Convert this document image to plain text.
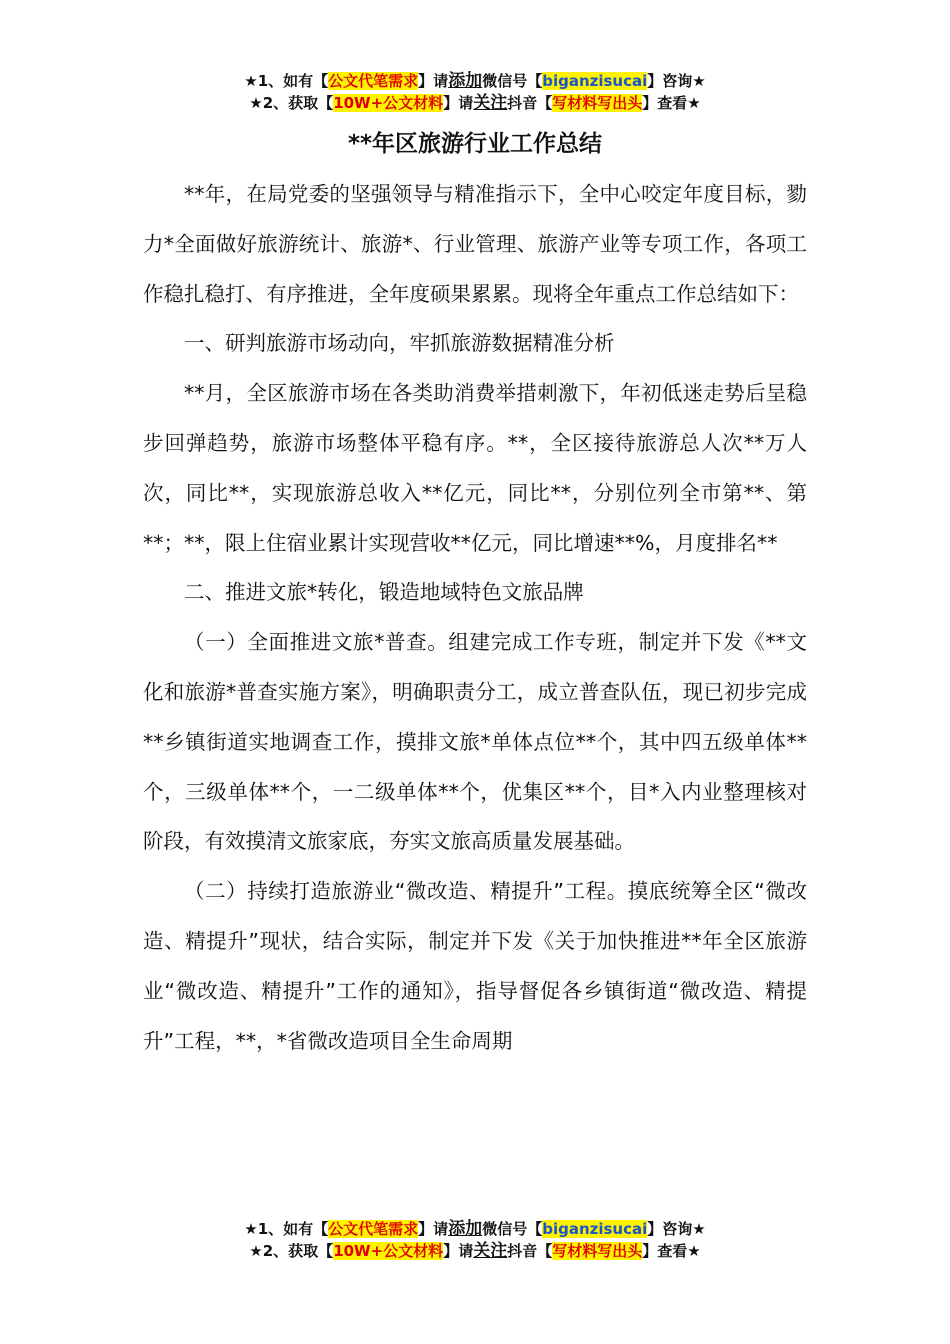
★1、如有【公文代笔需求】请添加微信号【biganzisucai】咨询★
★2、获取【10W+公文材料】请关注抖音【写材料写出头】查看★
**年区旅游行业工作总结

**年，在局党委的坚强领导与精准指示下，全中心咬定年度目标，勠力*全面做好旅游统计、旅游*、行业管理、旅游产业等专项工作，各项工作稳扎稳打、有序推进，全年度硕果累累。现将全年重点工作总结如下：

一、研判旅游市场动向，牢抓旅游数据精准分析

**月，全区旅游市场在各类助消费举措刺激下，年初低迷走势后呈稳步回弹趋势，旅游市场整体平稳有序。**，全区接待旅游总人次**万人次，同比**，实现旅游总收入**亿元，同比**，分别位列全市第**、第**；**，限上住宿业累计实现营收**亿元，同比增速**%，月度排名**

二、推进文旅*转化，锻造地域特色文旅品牌

（一）全面推进文旅*普查。组建完成工作专班，制定并下发《**文化和旅游*普查实施方案》，明确职责分工，成立普查队伍，现已初步完成**乡镇街道实地调查工作，摸排文旅*单体点位**个，其中四五级单体**个，三级单体**个，一二级单体**个，优集区**个，目*入内业整理核对阶段，有效摸清文旅家底，夯实文旅高质量发展基础。

（二）持续打造旅游业“微改造、精提升”工程。摸底统筹全区“微改造、精提升”现状，结合实际，制定并下发《关于加快推进**年全区旅游业“微改造、精提升”工作的通知》，指导督促各乡镇街道“微改造、精提升”工程，**，*省微改造项目全生命周期

★1、如有【公文代笔需求】请添加微信号【biganzisucai】咨询★
★2、获取【10W+公文材料】请关注抖音【写材料写出头】查看★
